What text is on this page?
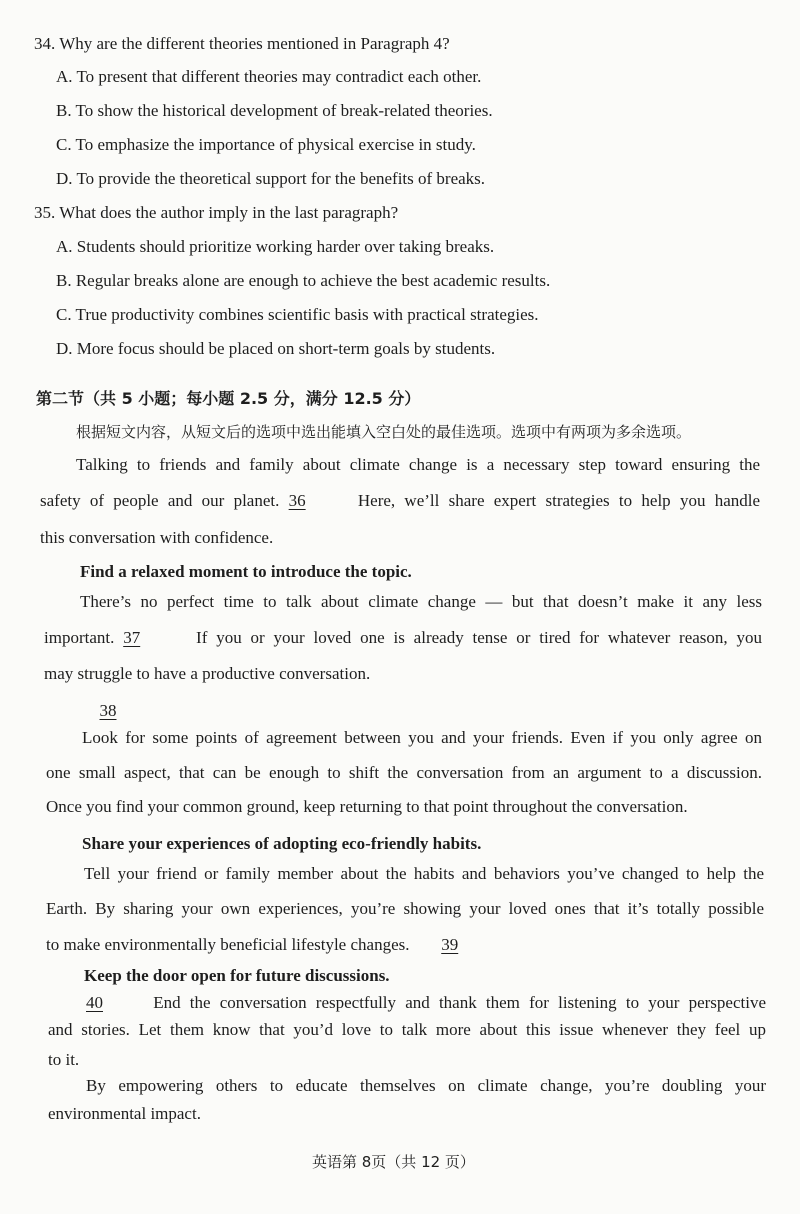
34. Why are the different theories mentioned in Paragraph 4?
A. To present that different theories may contradict each other.
B. To show the historical development of break-related theories.
C. To emphasize the importance of physical exercise in study.
D. To provide the theoretical support for the benefits of breaks.
35. What does the author imply in the last paragraph?
A. Students should prioritize working harder over taking breaks.
B. Regular breaks alone are enough to achieve the best academic results.
C. True productivity combines scientific basis with practical strategies.
D. More focus should be placed on short-term goals by students.
第二节（共 5 小题；每小题 2.5 分，满分 12.5 分）
根据短文内容，从短文后的选项中选出能填入空白处的最佳选项。选项中有两项为多余选项。
Talking to friends and family about climate change is a necessary step toward ensuring the
safety of people and our planet. 36	Here, we’ll share expert strategies to help you handle
this conversation with confidence.
Find a relaxed moment to introduce the topic.
There’s no perfect time to talk about climate change — but that doesn’t make it any less
important. 37	If you or your loved one is already tense or tired for whatever reason, you
may struggle to have a productive conversation.
38
Look for some points of agreement between you and your friends. Even if you only agree on
one small aspect, that can be enough to shift the conversation from an argument to a discussion.
Once you find your common ground, keep returning to that point throughout the conversation.
Share your experiences of adopting eco-friendly habits.
Tell your friend or family member about the habits and behaviors you’ve changed to help the
Earth. By sharing your own experiences, you’re showing your loved ones that it’s totally possible
to make environmentally beneficial lifestyle changes. 39
Keep the door open for future discussions.
40	End the conversation respectfully and thank them for listening to your perspective
and stories. Let them know that you’d love to talk more about this issue whenever they feel up
to it.
By empowering others to educate themselves on climate change, you’re doubling your
environmental impact.
英语第 8页（共 12 页）
